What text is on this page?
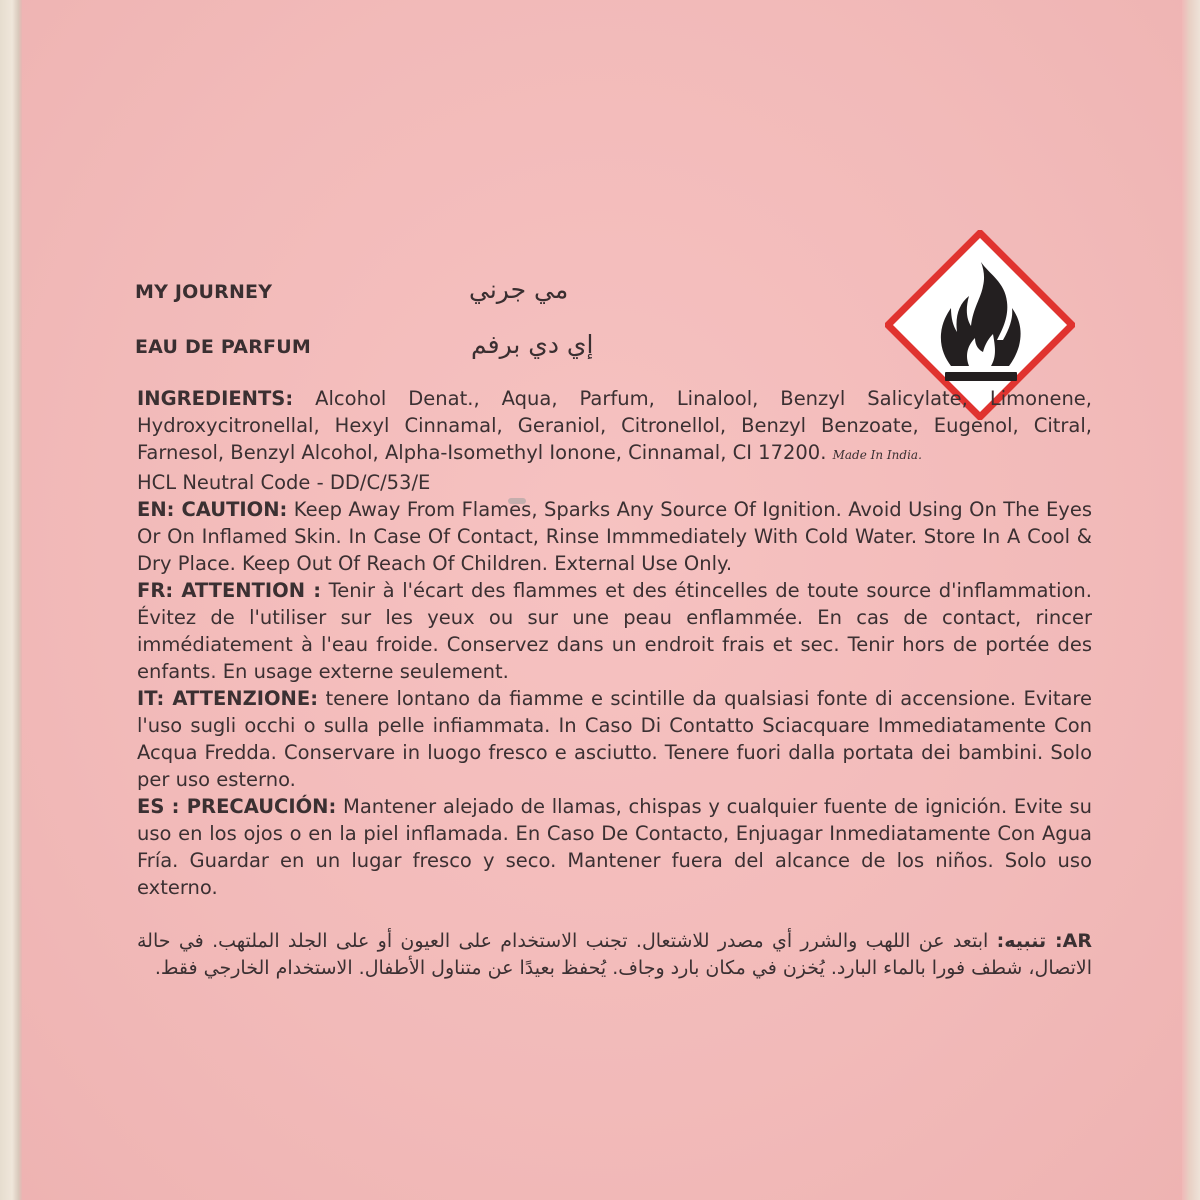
MY JOURNEY	مي جرني
EAU DE PARFUM	إي دي برفم

INGREDIENTS: Alcohol Denat., Aqua, Parfum, Linalool, Benzyl Salicylate, Limonene, Hydroxycitronellal, Hexyl Cinnamal, Geraniol, Citronellol, Benzyl Benzoate, Eugenol, Citral, Farnesol, Benzyl Alcohol, Alpha-Isomethyl Ionone, Cinnamal, CI 17200. Made In India.

HCL Neutral Code - DD/C/53/E

EN: CAUTION: Keep Away From Flames, Sparks Any Source Of Ignition. Avoid Using On The Eyes Or On Inflamed Skin. In Case Of Contact, Rinse Immmediately With Cold Water. Store In A Cool & Dry Place. Keep Out Of Reach Of Children. External Use Only.

FR: ATTENTION : Tenir à l'écart des flammes et des étincelles de toute source d'inflammation. Évitez de l'utiliser sur les yeux ou sur une peau enflammée. En cas de contact, rincer immédiatement à l'eau froide. Conservez dans un endroit frais et sec. Tenir hors de portée des enfants. En usage externe seulement.

IT: ATTENZIONE: tenere lontano da fiamme e scintille da qualsiasi fonte di accensione. Evitare l'uso sugli occhi o sulla pelle infiammata. In Caso Di Contatto Sciacquare Immediatamente Con Acqua Fredda. Conservare in luogo fresco e asciutto. Tenere fuori dalla portata dei bambini. Solo per uso esterno.

ES : PRECAUCIÓN: Mantener alejado de llamas, chispas y cualquier fuente de ignición. Evite su uso en los ojos o en la piel inflamada. En Caso De Contacto, Enjuagar Inmediatamente Con Agua Fría. Guardar en un lugar fresco y seco. Mantener fuera del alcance de los niños. Solo uso externo.

AR: تنبيه: ابتعد عن اللهب والشرر أي مصدر للاشتعال. تجنب الاستخدام على العيون أو على الجلد الملتهب. في حالة الاتصال، شطف فورا بالماء البارد. يُخزن في مكان بارد وجاف. يُحفظ بعيدًا عن متناول الأطفال. الاستخدام الخارجي فقط.
